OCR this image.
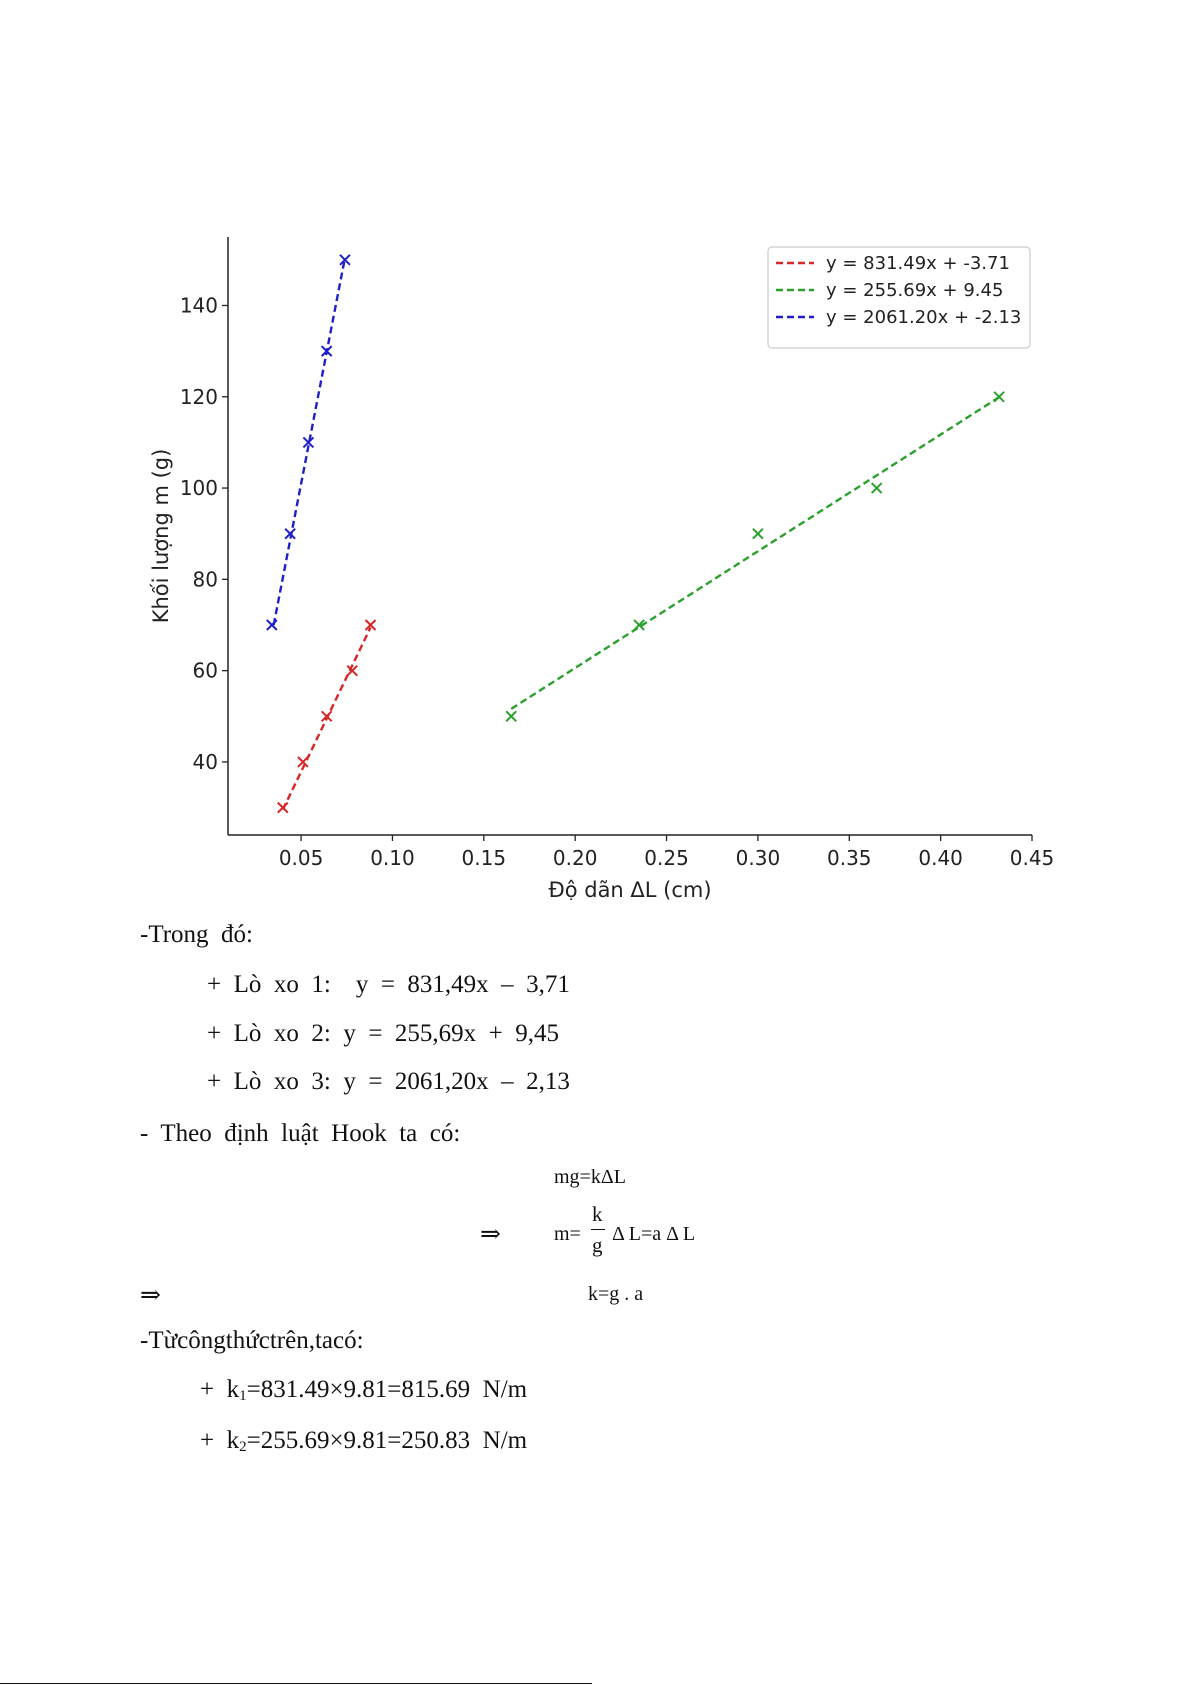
0.05 0.10 0.15 0.20 0.25 0.30 0.35 0.40 0.45
40
60
80
100
120
140
Độ dãn ΔL (cm)
Khối lượng m (g)
y = 831.49x + -3.71
y = 255.69x + 9.45
y = 2061.20x + -2.13
-Trong  đó:
+  Lò  xo  1:    y  =  831,49x  –  3,71
+  Lò  xo  2:  y  =  255,69x  +  9,45
+  Lò  xo  3:  y  =  2061,20x  –  2,13
-  Theo  định  luật  Hook  ta  có:
mg=kΔL
⇒	m=
k
g Δ L=a Δ L
⇒	k=g . a
-Từcôngthứctrên,tacó:
+  $k_1=831.49\times 9.81=815.69$  N/m
+  $k_2=255.69\times 9.81=250.83$  N/m
